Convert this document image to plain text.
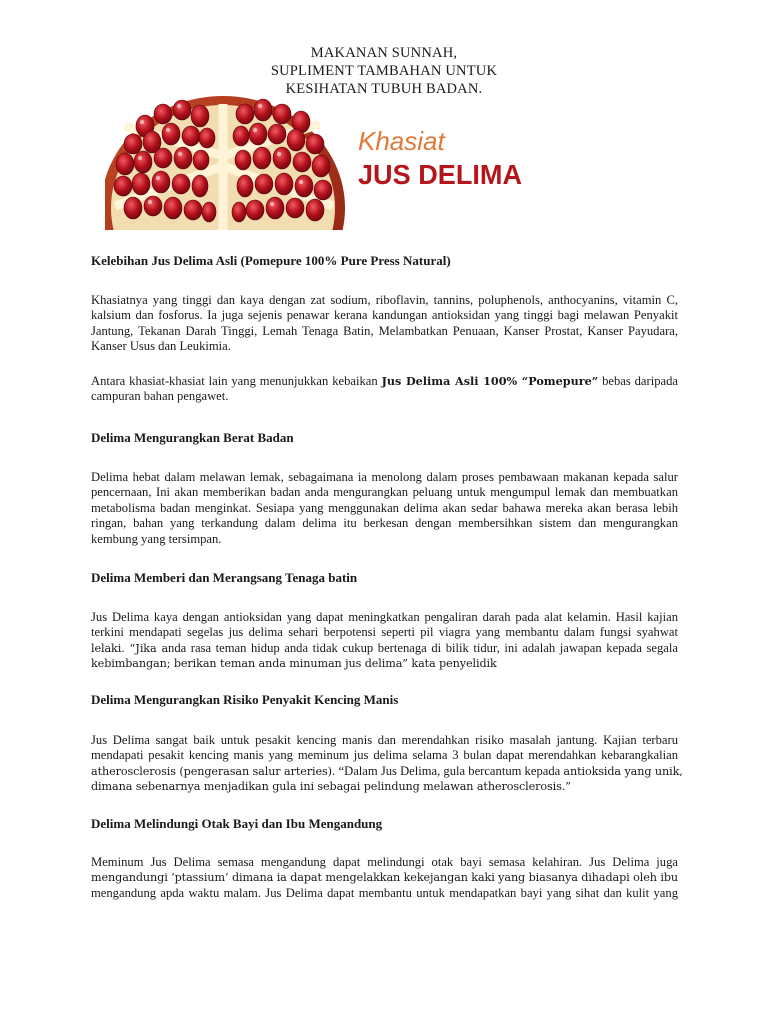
MAKANAN SUNNAH,
SUPLIMENT TAMBAHAN UNTUK
KESIHATAN TUBUH BADAN.
Khasiat
JUS DELIMA
Kelebihan Jus Delima Asli (Pomepure 100% Pure Press Natural)
Khasiatnya yang tinggi dan kaya dengan zat sodium, riboflavin, tannins, poluphenols, anthocyanins, vitamin C,
kalsium dan fosforus. Ia juga sejenis penawar kerana kandungan antioksidan yang tinggi bagi melawan Penyakit
Jantung, Tekanan Darah Tinggi, Lemah Tenaga Batin, Melambatkan Penuaan, Kanser Prostat, Kanser Payudara,
Kanser Usus dan Leukimia.
Antara khasiat-khasiat lain yang menunjukkan kebaikan Jus Delima Asli 100% “Pomepure” bebas daripada
campuran bahan pengawet.
Delima Mengurangkan Berat Badan
Delima hebat dalam melawan lemak, sebagaimana ia menolong dalam proses pembawaan makanan kepada salur
pencernaan, Ini akan memberikan badan anda mengurangkan peluang untuk mengumpul lemak dan membuatkan
metabolisma badan menginkat. Sesiapa yang menggunakan delima akan sedar bahawa mereka akan berasa lebih
ringan, bahan yang terkandung dalam delima itu berkesan dengan membersihkan sistem dan mengurangkan
kembung yang tersimpan.
Delima Memberi dan Merangsang Tenaga batin
Jus Delima kaya dengan antioksidan yang dapat meningkatkan pengaliran darah pada alat kelamin. Hasil kajian
terkini mendapati segelas jus delima sehari berpotensi seperti pil viagra yang membantu dalam fungsi syahwat
lelaki. “Jika anda rasa teman hidup anda tidak cukup bertenaga di bilik tidur, ini adalah jawapan kepada segala
kebimbangan; berikan teman anda minuman jus delima” kata penyelidik
Delima Mengurangkan Risiko Penyakit Kencing Manis
Jus Delima sangat baik untuk pesakit kencing manis dan merendahkan risiko masalah jantung. Kajian terbaru
mendapati pesakit kencing manis yang meminum jus delima selama 3 bulan dapat merendahkan kebarangkalian
atherosclerosis (pengerasan salur arteries). “Dalam Jus Delima, gula bercantum kepada antioksida yang unik,
dimana sebenarnya menjadikan gula ini sebagai pelindung melawan atherosclerosis.”
Delima Melindungi Otak Bayi dan Ibu Mengandung
Meminum Jus Delima semasa mengandung dapat melindungi otak bayi semasa kelahiran. Jus Delima juga
mengandungi ‘ptassium’ dimana ia dapat mengelakkan kekejangan kaki yang biasanya dihadapi oleh ibu
mengandung apda waktu malam. Jus Delima dapat membantu untuk mendapatkan bayi yang sihat dan kulit yang
